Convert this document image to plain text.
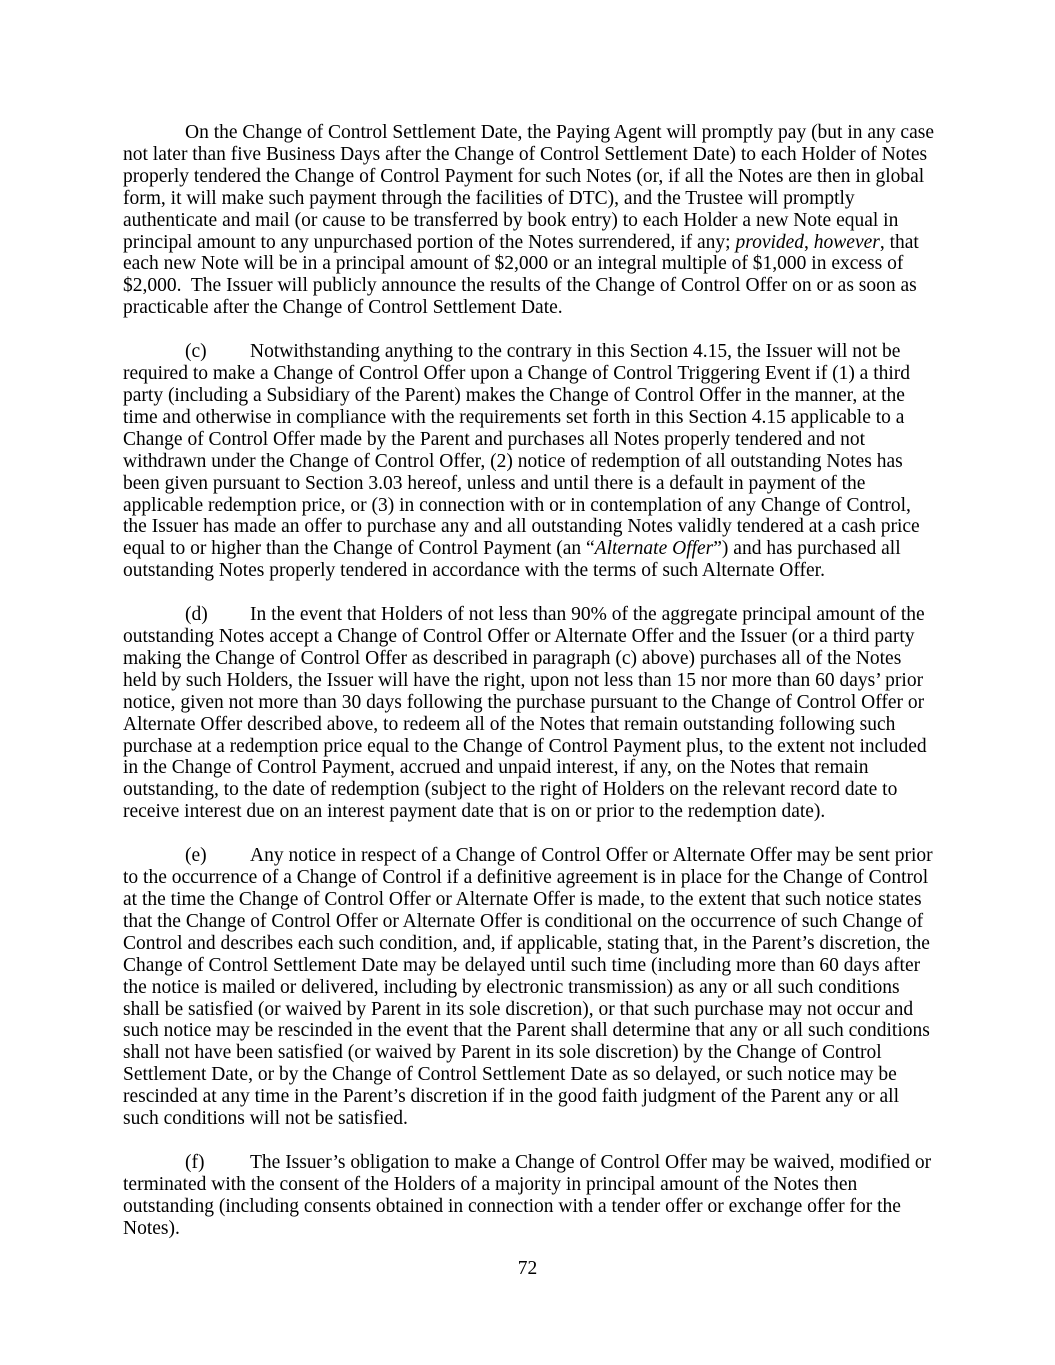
On the Change of Control Settlement Date, the Paying Agent will promptly pay (but in any case not later than five Business Days after the Change of Control Settlement Date) to each Holder of Notes properly tendered the Change of Control Payment for such Notes (or, if all the Notes are then in global form, it will make such payment through the facilities of DTC), and the Trustee will promptly authenticate and mail (or cause to be transferred by book entry) to each Holder a new Note equal in principal amount to any unpurchased portion of the Notes surrendered, if any; provided, however, that each new Note will be in a principal amount of $2,000 or an integral multiple of $1,000 in excess of $2,000.  The Issuer will publicly announce the results of the Change of Control Offer on or as soon as practicable after the Change of Control Settlement Date.

(c) Notwithstanding anything to the contrary in this Section 4.15, the Issuer will not be required to make a Change of Control Offer upon a Change of Control Triggering Event if (1) a third party (including a Subsidiary of the Parent) makes the Change of Control Offer in the manner, at the time and otherwise in compliance with the requirements set forth in this Section 4.15 applicable to a Change of Control Offer made by the Parent and purchases all Notes properly tendered and not withdrawn under the Change of Control Offer, (2) notice of redemption of all outstanding Notes has been given pursuant to Section 3.03 hereof, unless and until there is a default in payment of the applicable redemption price, or (3) in connection with or in contemplation of any Change of Control, the Issuer has made an offer to purchase any and all outstanding Notes validly tendered at a cash price equal to or higher than the Change of Control Payment (an “Alternate Offer”) and has purchased all outstanding Notes properly tendered in accordance with the terms of such Alternate Offer.

(d) In the event that Holders of not less than 90% of the aggregate principal amount of the outstanding Notes accept a Change of Control Offer or Alternate Offer and the Issuer (or a third party making the Change of Control Offer as described in paragraph (c) above) purchases all of the Notes held by such Holders, the Issuer will have the right, upon not less than 15 nor more than 60 days’ prior notice, given not more than 30 days following the purchase pursuant to the Change of Control Offer or Alternate Offer described above, to redeem all of the Notes that remain outstanding following such purchase at a redemption price equal to the Change of Control Payment plus, to the extent not included in the Change of Control Payment, accrued and unpaid interest, if any, on the Notes that remain outstanding, to the date of redemption (subject to the right of Holders on the relevant record date to receive interest due on an interest payment date that is on or prior to the redemption date).

(e) Any notice in respect of a Change of Control Offer or Alternate Offer may be sent prior to the occurrence of a Change of Control if a definitive agreement is in place for the Change of Control at the time the Change of Control Offer or Alternate Offer is made, to the extent that such notice states that the Change of Control Offer or Alternate Offer is conditional on the occurrence of such Change of Control and describes each such condition, and, if applicable, stating that, in the Parent’s discretion, the Change of Control Settlement Date may be delayed until such time (including more than 60 days after the notice is mailed or delivered, including by electronic transmission) as any or all such conditions shall be satisfied (or waived by Parent in its sole discretion), or that such purchase may not occur and such notice may be rescinded in the event that the Parent shall determine that any or all such conditions shall not have been satisfied (or waived by Parent in its sole discretion) by the Change of Control Settlement Date, or by the Change of Control Settlement Date as so delayed, or such notice may be rescinded at any time in the Parent’s discretion if in the good faith judgment of the Parent any or all such conditions will not be satisfied.

(f) The Issuer’s obligation to make a Change of Control Offer may be waived, modified or terminated with the consent of the Holders of a majority in principal amount of the Notes then outstanding (including consents obtained in connection with a tender offer or exchange offer for the Notes).

72
